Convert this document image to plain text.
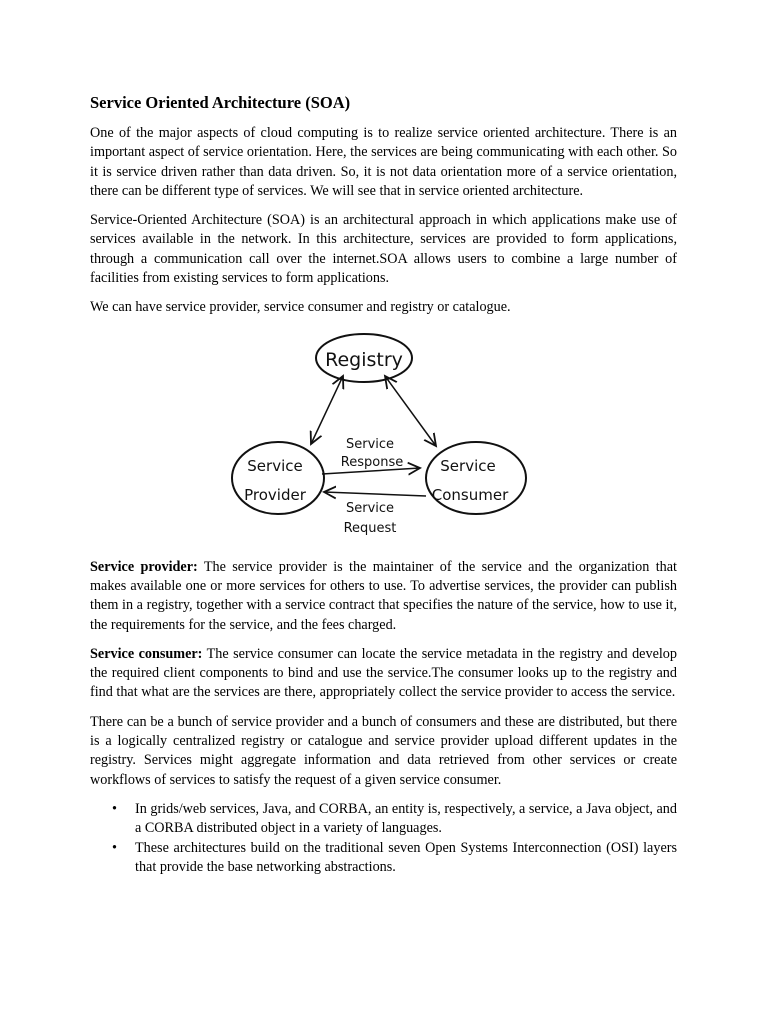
Service Oriented Architecture (SOA)

One of the major aspects of cloud computing is to realize service oriented architecture. There is an important aspect of service orientation. Here, the services are being communicating with each other. So it is service driven rather than data driven. So, it is not data orientation more of a service orientation, there can be different type of services. We will see that in service oriented architecture.

Service-Oriented Architecture (SOA) is an architectural approach in which applications make use of services available in the network. In this architecture, services are provided to form applications, through a communication call over the internet.SOA allows users to combine a large number of facilities from existing services to form applications.

We can have service provider, service consumer and registry or catalogue.

Registry
Service
Provider
Service
Consumer
Service
Response
Service
Request

Service provider: The service provider is the maintainer of the service and the organization that makes available one or more services for others to use. To advertise services, the provider can publish them in a registry, together with a service contract that specifies the nature of the service, how to use it, the requirements for the service, and the fees charged.

Service consumer: The service consumer can locate the service metadata in the registry and develop the required client components to bind and use the service.The consumer looks up to the registry and find that what are the services are there, appropriately collect the service provider to access the service.

There can be a bunch of service provider and a bunch of consumers and these are distributed, but there is a logically centralized registry or catalogue and service provider upload different updates in the registry. Services might aggregate information and data retrieved from other services or create workflows of services to satisfy the request of a given service consumer.

• In grids/web services, Java, and CORBA, an entity is, respectively, a service, a Java object, and a CORBA distributed object in a variety of languages.
• These architectures build on the traditional seven Open Systems Interconnection (OSI) layers that provide the base networking abstractions.
